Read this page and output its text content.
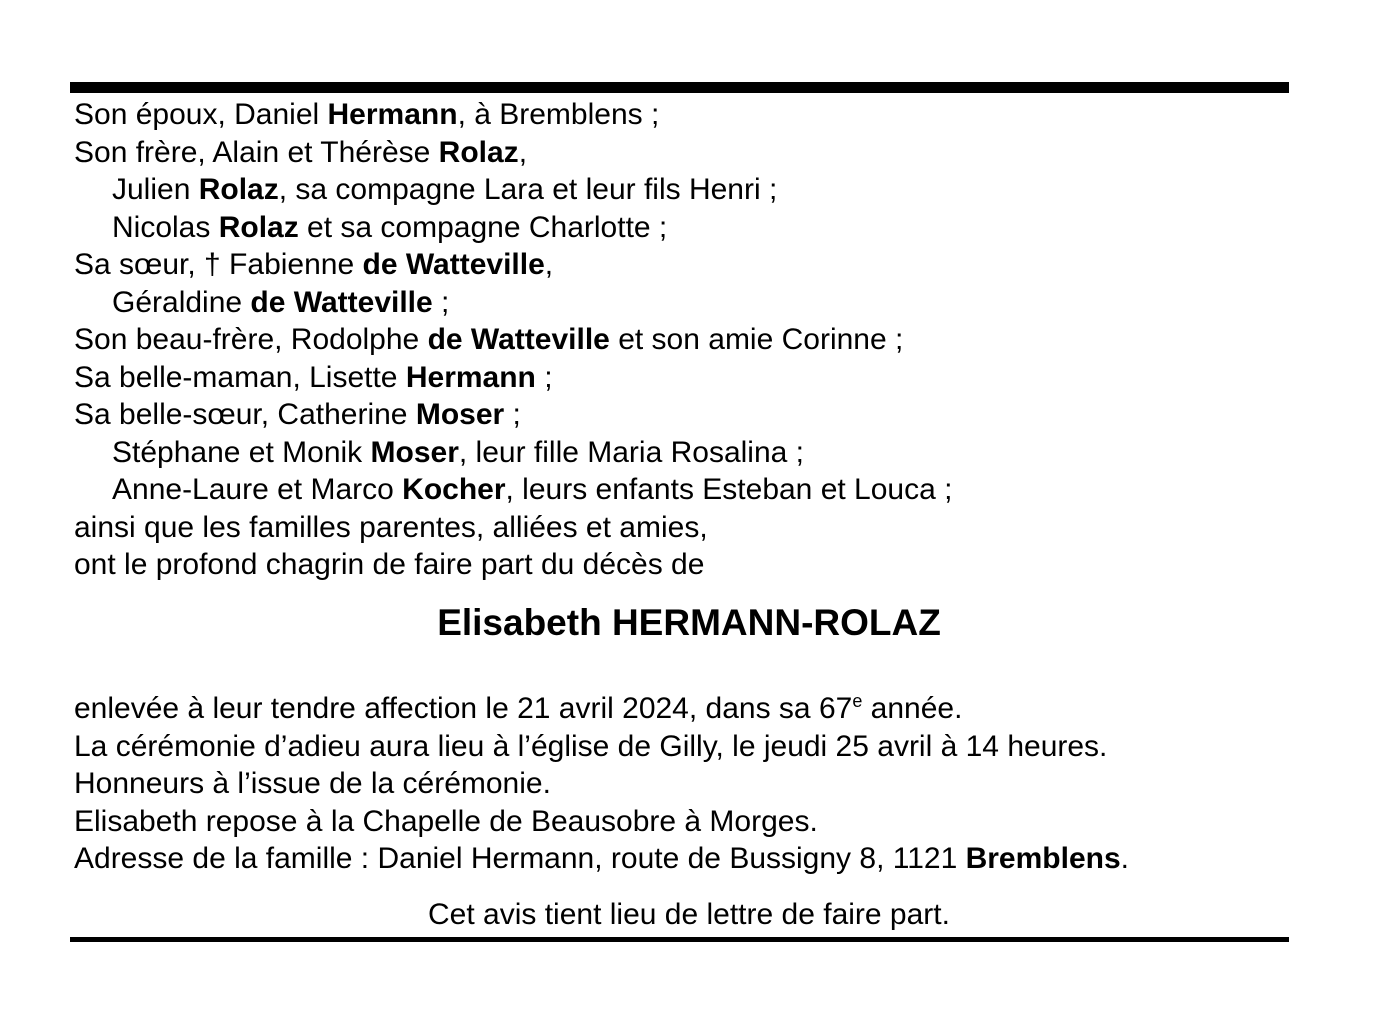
Son époux, Daniel Hermann, à Bremblens ;
Son frère, Alain et Thérèse Rolaz,
Julien Rolaz, sa compagne Lara et leur fils Henri ;
Nicolas Rolaz et sa compagne Charlotte ;
Sa sœur, † Fabienne de Watteville,
Géraldine de Watteville ;
Son beau-frère, Rodolphe de Watteville et son amie Corinne ;
Sa belle-maman, Lisette Hermann ;
Sa belle-sœur, Catherine Moser ;
Stéphane et Monik Moser, leur fille Maria Rosalina ;
Anne-Laure et Marco Kocher, leurs enfants Esteban et Louca ;
ainsi que les familles parentes, alliées et amies,
ont le profond chagrin de faire part du décès de
Elisabeth HERMANN-ROLAZ
enlevée à leur tendre affection le 21 avril 2024, dans sa 67e année.
La cérémonie d’adieu aura lieu à l’église de Gilly, le jeudi 25 avril à 14 heures.
Honneurs à l’issue de la cérémonie.
Elisabeth repose à la Chapelle de Beausobre à Morges.
Adresse de la famille : Daniel Hermann, route de Bussigny 8, 1121 Bremblens.
Cet avis tient lieu de lettre de faire part.
